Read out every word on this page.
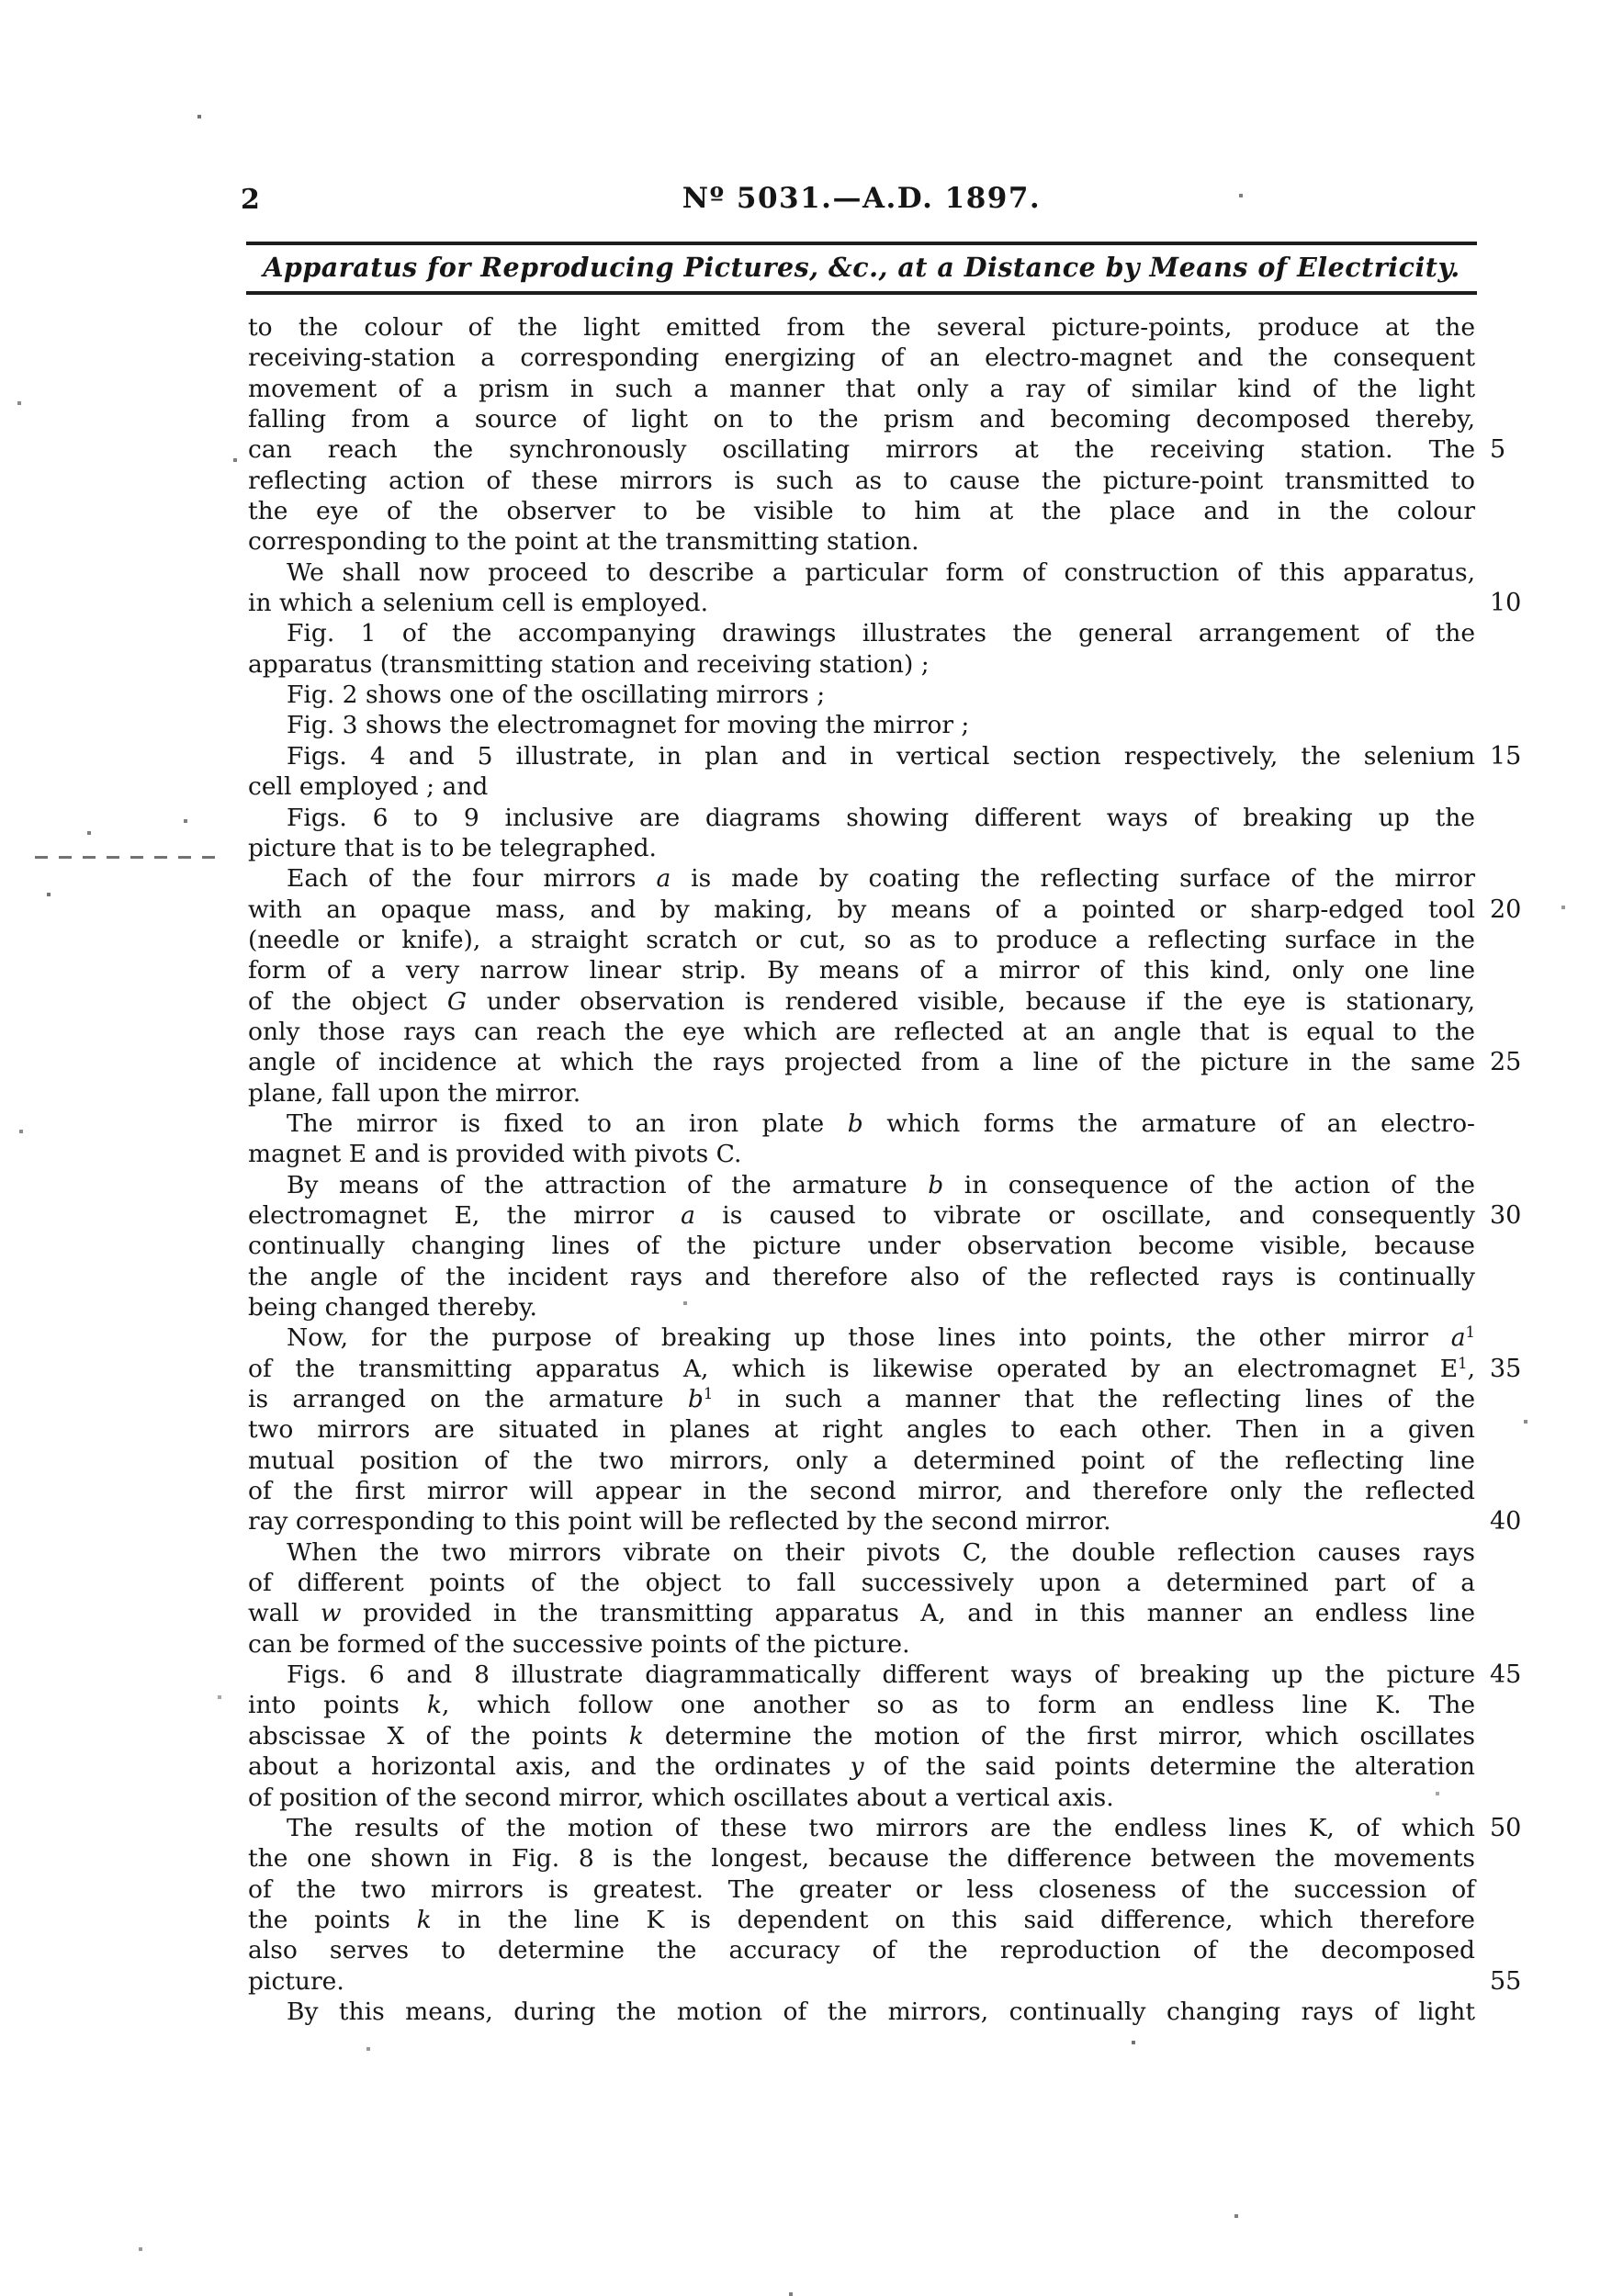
2	Nº 5031.—A.D. 1897.
Apparatus for Reproducing Pictures, &c., at a Distance by Means of Electricity.
to the colour of the light emitted from the several picture-points, produce at the
receiving-station a corresponding energizing of an electro-magnet and the consequent
movement of a prism in such a manner that only a ray of similar kind of the light
falling from a source of light on to the prism and becoming decomposed thereby,
can reach the synchronously oscillating mirrors at the receiving station. The 5
reflecting action of these mirrors is such as to cause the picture-point transmitted to
the eye of the observer to be visible to him at the place and in the colour
corresponding to the point at the transmitting station.
We shall now proceed to describe a particular form of construction of this apparatus,
in which a selenium cell is employed.	10
Fig. 1 of the accompanying drawings illustrates the general arrangement of the
apparatus (transmitting station and receiving station) ;
Fig. 2 shows one of the oscillating mirrors ;
Fig. 3 shows the electromagnet for moving the mirror ;
Figs. 4 and 5 illustrate, in plan and in vertical section respectively, the selenium 15
cell employed ; and
Figs. 6 to 9 inclusive are diagrams showing different ways of breaking up the
picture that is to be telegraphed.
Each of the four mirrors a is made by coating the reflecting surface of the mirror
with an opaque mass, and by making, by means of a pointed or sharp-edged tool 20
(needle or knife), a straight scratch or cut, so as to produce a reflecting surface in the
form of a very narrow linear strip. By means of a mirror of this kind, only one line
of the object G under observation is rendered visible, because if the eye is stationary,
only those rays can reach the eye which are reflected at an angle that is equal to the
angle of incidence at which the rays projected from a line of the picture in the same 25
plane, fall upon the mirror.
The mirror is fixed to an iron plate b which forms the armature of an electro-
magnet E and is provided with pivots C.
By means of the attraction of the armature b in consequence of the action of the
electromagnet E, the mirror a is caused to vibrate or oscillate, and consequently 30
continually changing lines of the picture under observation become visible, because
the angle of the incident rays and therefore also of the reflected rays is continually
being changed thereby.
Now, for the purpose of breaking up those lines into points, the other mirror $a^1$
of the transmitting apparatus A, which is likewise operated by an electromagnet $E^1$, 35
is arranged on the armature $b^1$ in such a manner that the reflecting lines of the
two mirrors are situated in planes at right angles to each other. Then in a given
mutual position of the two mirrors, only a determined point of the reflecting line
of the first mirror will appear in the second mirror, and therefore only the reflected
ray corresponding to this point will be reflected by the second mirror.	40
When the two mirrors vibrate on their pivots C, the double reflection causes rays
of different points of the object to fall successively upon a determined part of a
wall w provided in the transmitting apparatus A, and in this manner an endless line
can be formed of the successive points of the picture.
Figs. 6 and 8 illustrate diagrammatically different ways of breaking up the picture 45
into points k, which follow one another so as to form an endless line K. The
abscissae X of the points k determine the motion of the first mirror, which oscillates
about a horizontal axis, and the ordinates y of the said points determine the alteration
of position of the second mirror, which oscillates about a vertical axis.
The results of the motion of these two mirrors are the endless lines K, of which 50
the one shown in Fig. 8 is the longest, because the difference between the movements
of the two mirrors is greatest. The greater or less closeness of the succession of
the points k in the line K is dependent on this said difference, which therefore
also serves to determine the accuracy of the reproduction of the decomposed
picture.	55
By this means, during the motion of the mirrors, continually changing rays of light
